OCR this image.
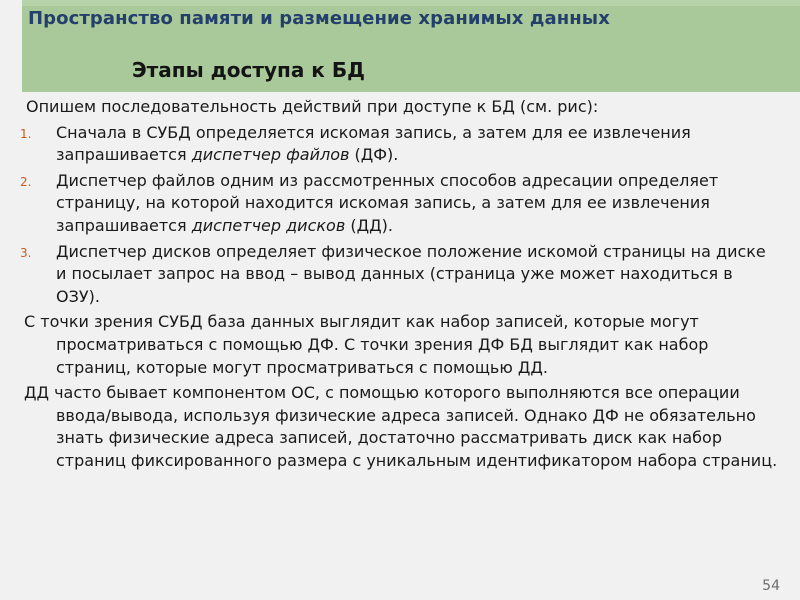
Пространство памяти и размещение хранимых данных
Этапы доступа к БД

Опишем последовательность действий при доступе к БД (см. рис):

1. Сначала в СУБД определяется искомая запись, а затем для ее извлечения запрашивается диспетчер файлов (ДФ).
2. Диспетчер файлов одним из рассмотренных способов адресации определяет страницу, на которой находится искомая запись, а затем для ее извлечения запрашивается диспетчер дисков (ДД).
3. Диспетчер дисков определяет физическое положение искомой страницы на диске и посылает запрос на ввод – вывод данных (страница уже может находиться в ОЗУ).

С точки зрения СУБД база данных выглядит как набор записей, которые могут просматриваться с помощью ДФ. С точки зрения ДФ БД выглядит как набор страниц, которые могут просматриваться с помощью ДД.

ДД часто бывает компонентом ОС, с помощью которого выполняются все операции ввода/вывода, используя физические адреса записей. Однако ДФ не обязательно знать физические адреса записей, достаточно рассматривать диск как набор страниц фиксированного размера с уникальным идентификатором набора страниц.

54
